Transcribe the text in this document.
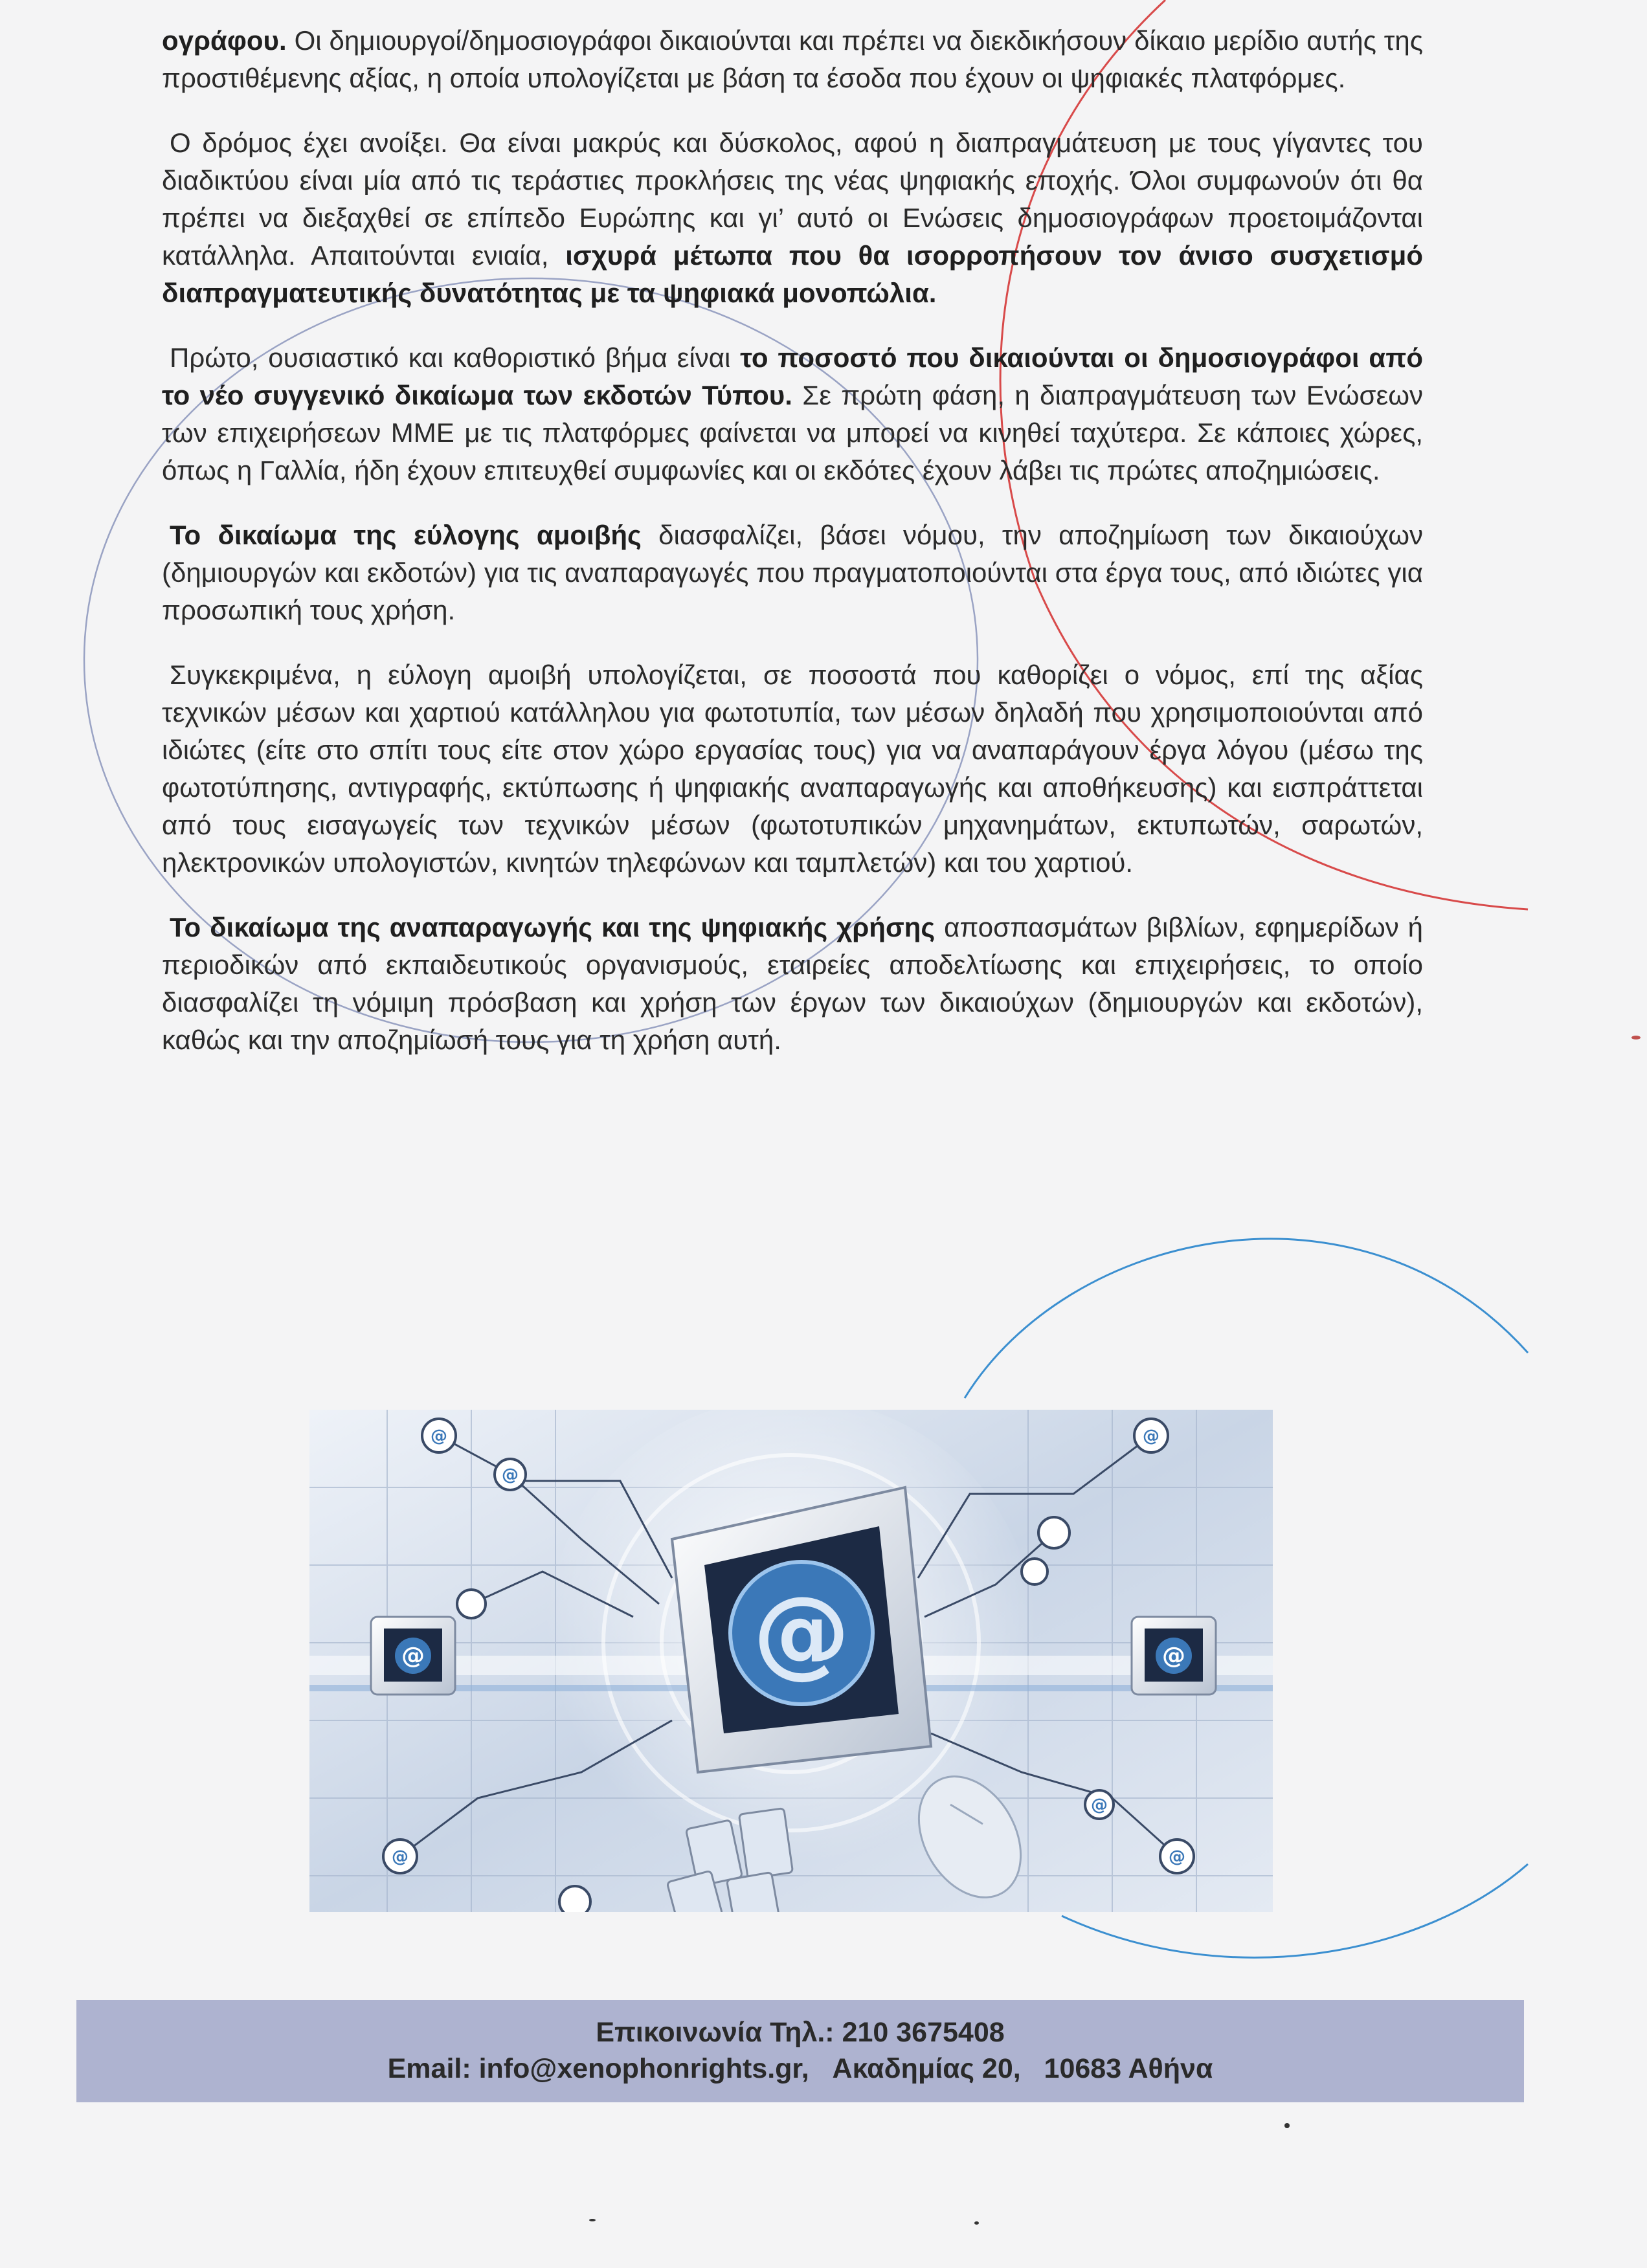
ογράφου. Οι δημιουργοί/δημοσιογράφοι δικαιούνται και πρέπει να διεκδικήσουν δίκαιο μερίδιο αυτής της προστιθέμενης αξίας, η οποία υπολογίζεται με βάση τα έσοδα που έχουν οι ψηφιακές πλατφόρμες.

Ο δρόμος έχει ανοίξει. Θα είναι μακρύς και δύσκολος, αφού η διαπραγμάτευση με τους γίγαντες του διαδικτύου είναι μία από τις τεράστιες προκλήσεις της νέας ψηφιακής εποχής. Όλοι συμφωνούν ότι θα πρέπει να διεξαχθεί σε επίπεδο Ευρώπης και γι’ αυτό οι Ενώσεις δημοσιογράφων προετοιμάζονται κατάλληλα. Απαιτούνται ενιαία, ισχυρά μέτωπα που θα ισορροπήσουν τον άνισο συσχετισμό διαπραγματευτικής δυνατότητας με τα ψηφιακά μονοπώλια.

Πρώτο, ουσιαστικό και καθοριστικό βήμα είναι το ποσοστό που δικαιούνται οι δημοσιογράφοι από το νέο συγγενικό δικαίωμα των εκδοτών Τύπου. Σε πρώτη φάση, η διαπραγμάτευση των Ενώσεων των επιχειρήσεων ΜΜΕ με τις πλατφόρμες φαίνεται να μπορεί να κινηθεί ταχύτερα. Σε κάποιες χώρες, όπως η Γαλλία, ήδη έχουν επιτευχθεί συμφωνίες και οι εκδότες έχουν λάβει τις πρώτες αποζημιώσεις.

Το δικαίωμα της εύλογης αμοιβής διασφαλίζει, βάσει νόμου, την αποζημίωση των δικαιούχων (δημιουργών και εκδοτών) για τις αναπαραγωγές που πραγματοποιούνται στα έργα τους, από ιδιώτες για προσωπική τους χρήση.

Συγκεκριμένα, η εύλογη αμοιβή υπολογίζεται, σε ποσοστά που καθορίζει ο νόμος, επί της αξίας τεχνικών μέσων και χαρτιού κατάλληλου για φωτοτυπία, των μέσων δηλαδή που χρησιμοποιούνται από ιδιώτες (είτε στο σπίτι τους είτε στον χώρο εργασίας τους) για να αναπαράγουν έργα λόγου (μέσω της φωτοτύπησης, αντιγραφής, εκτύπωσης ή ψηφιακής αναπαραγωγής και αποθήκευσης) και εισπράττεται από τους εισαγωγείς των τεχνικών μέσων (φωτοτυπικών μηχανημάτων, εκτυπωτών, σαρωτών, ηλεκτρονικών υπολογιστών, κινητών τηλεφώνων και ταμπλετών) και του χαρτιού.

Το δικαίωμα της αναπαραγωγής και της ψηφιακής χρήσης αποσπασμάτων βιβλίων, εφημερίδων ή περιοδικών από εκπαιδευτικούς οργανισμούς, εταιρείες αποδελτίωσης και επιχειρήσεις, το οποίο διασφαλίζει τη νόμιμη πρόσβαση και χρήση των έργων των δικαιούχων (δημιουργών και εκδοτών), καθώς και την αποζημίωσή τους για τη χρήση αυτή.

@
@
@
@
@
@
@	@
@
Επικοινωνία Τηλ.: 210 3675408
Email: info@xenophonrights.gr,   Ακαδημίας 20,   10683 Αθήνα
